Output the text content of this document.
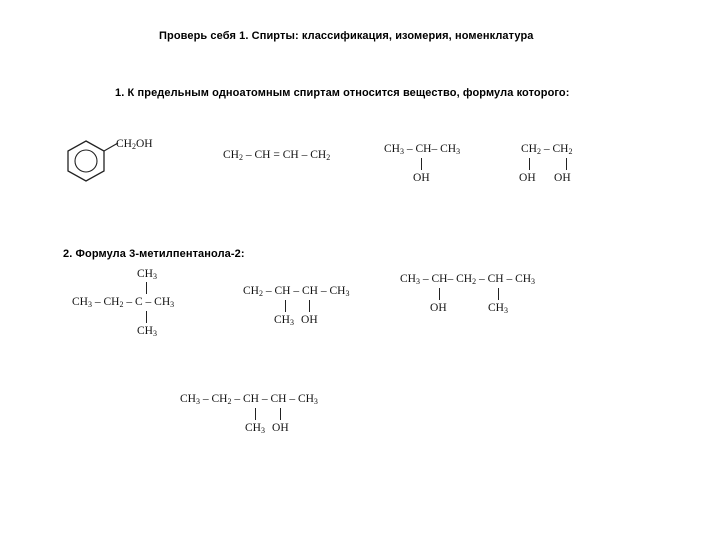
Проверь себя 1. Спирты: классификация, изомерия, номенклатура
1. К предельным одноатомным спиртам относится вещество, формула которого:
$CH_2OH$
$CH_2$ – CH = CH – $CH_2$
$CH_3 - CH-$ $CH_3$
OH
$CH_2 - CH_2$
OH OH
2. Формула 3-метилпентанола-2:
$CH_3$
$CH_3 - CH_2$ – C – $CH_3$
$CH_3$
$CH_2$ – CH – CH – $CH_3$
$CH_3$ OH
$CH_3 - CH-$ $CH_2$ – CH – $CH_3$
OH	$CH_3$
$CH_3 - CH_2$ – CH – CH – $CH_3$
$CH_3$ OH
